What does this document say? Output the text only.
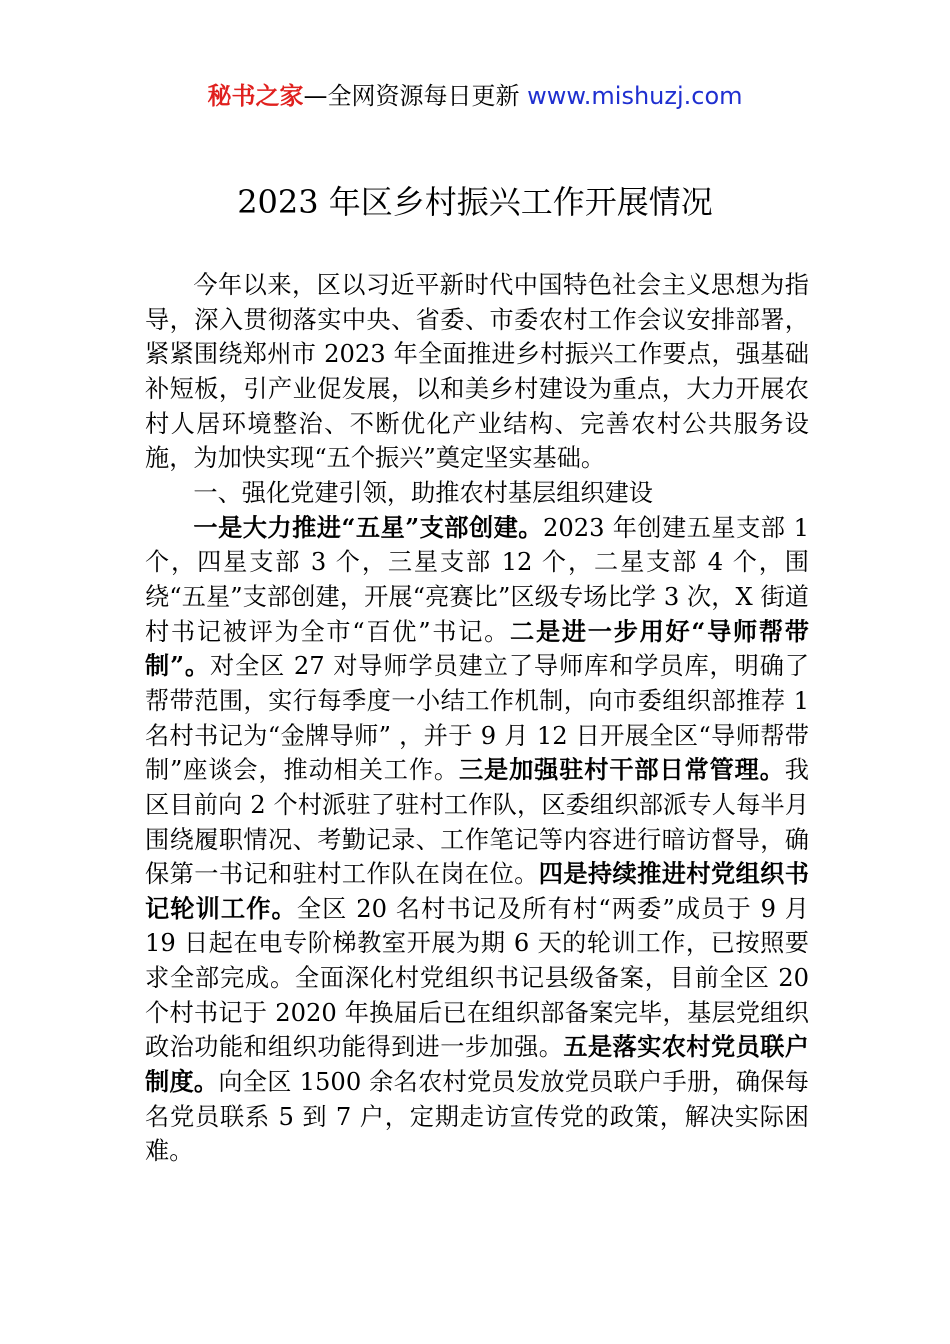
秘书之家—全网资源每日更新 www.mishuzj.com
2023 年区乡村振兴工作开展情况

今年以来，区以习近平新时代中国特色社会主义思想为指导，深入贯彻落实中央、省委、市委农村工作会议安排部署，紧紧围绕郑州市 2023 年全面推进乡村振兴工作要点，强基础补短板，引产业促发展，以和美乡村建设为重点，大力开展农村人居环境整治、不断优化产业结构、完善农村公共服务设施，为加快实现“五个振兴”奠定坚实基础。

一、强化党建引领，助推农村基层组织建设

一是大力推进“五星”支部创建。2023 年创建五星支部 1 个，四星支部 3 个，三星支部 12 个，二星支部 4 个，围绕“五星”支部创建，开展“亮赛比”区级专场比学 3 次，X 街道村书记被评为全市“百优”书记。二是进一步用好“导师帮带制”。对全区 27 对导师学员建立了导师库和学员库，明确了帮带范围，实行每季度一小结工作机制，向市委组织部推荐 1 名村书记为“金牌导师” ，并于 9 月 12 日开展全区“导师帮带制”座谈会，推动相关工作。三是加强驻村干部日常管理。我区目前向 2 个村派驻了驻村工作队，区委组织部派专人每半月围绕履职情况、考勤记录、工作笔记等内容进行暗访督导，确保第一书记和驻村工作队在岗在位。四是持续推进村党组织书记轮训工作。全区 20 名村书记及所有村“两委”成员于 9 月 19 日起在电专阶梯教室开展为期 6 天的轮训工作，已按照要求全部完成。全面深化村党组织书记县级备案，目前全区 20 个村书记于 2020 年换届后已在组织部备案完毕，基层党组织政治功能和组织功能得到进一步加强。五是落实农村党员联户制度。向全区 1500 余名农村党员发放党员联户手册，确保每名党员联系 5 到 7 户，定期走访宣传党的政策，解决实际困难。
